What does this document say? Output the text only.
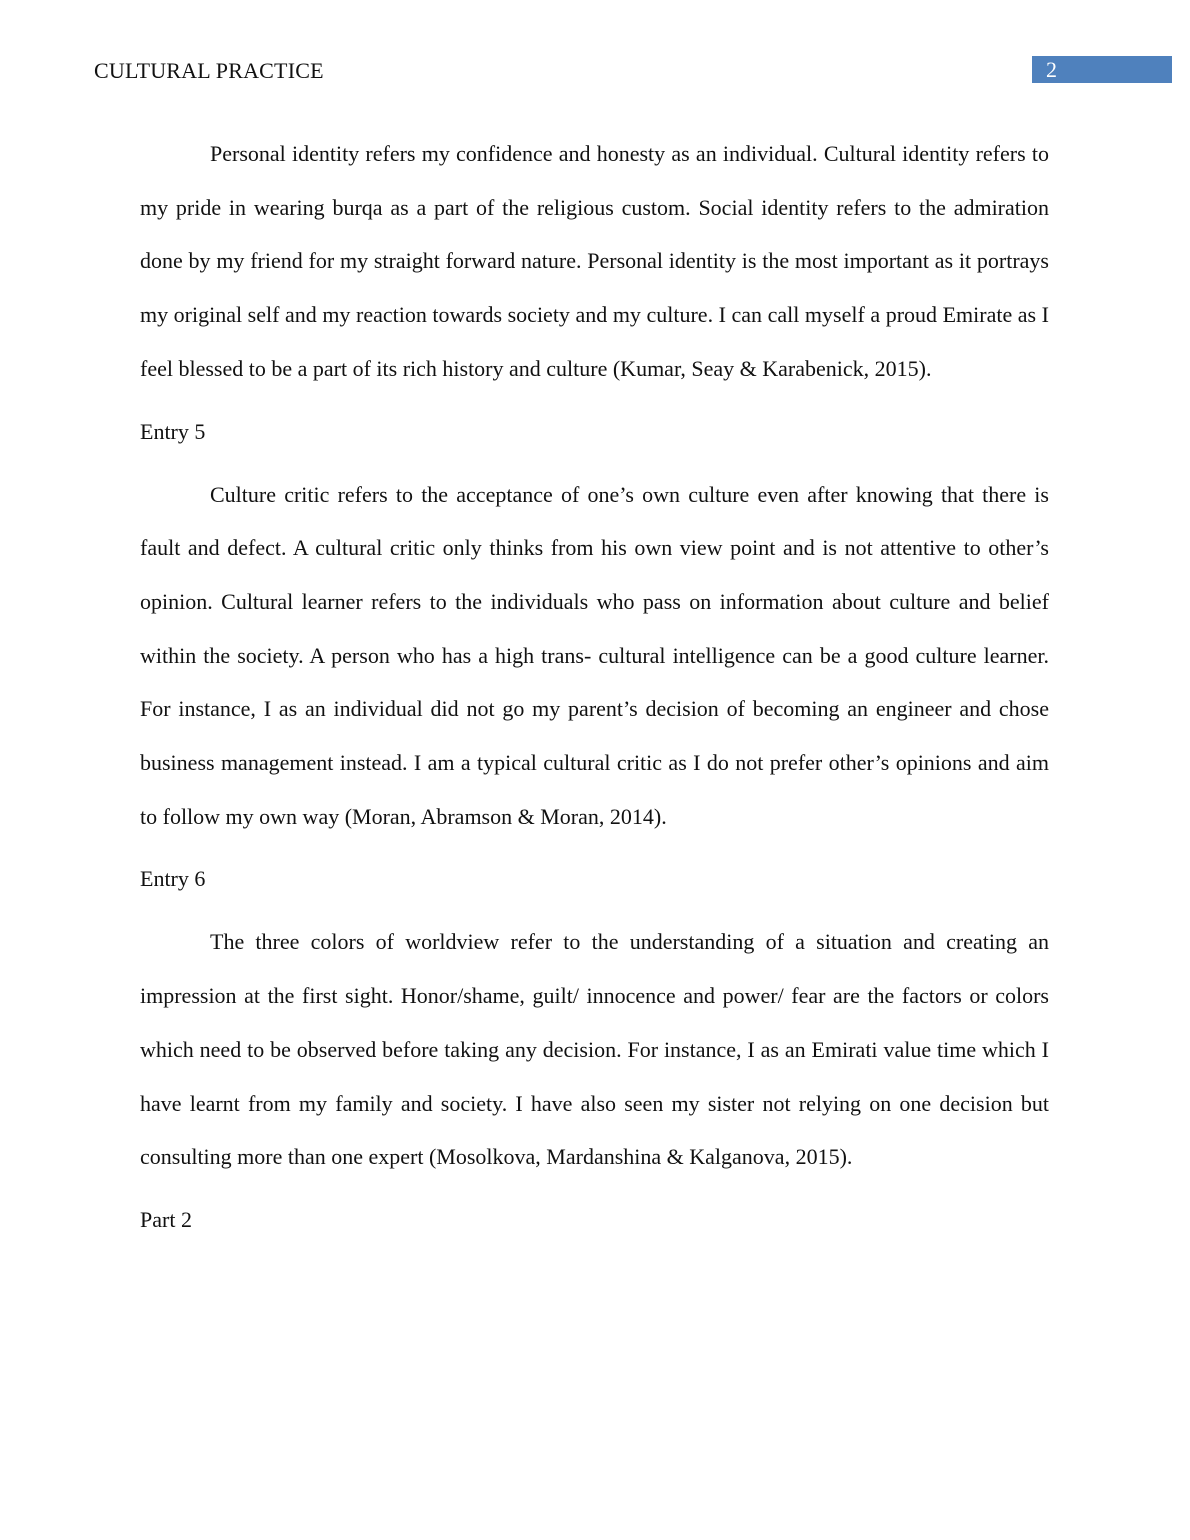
CULTURAL PRACTICE	2

Personal identity refers my confidence and honesty as an individual. Cultural identity refers to my pride in wearing burqa as a part of the religious custom. Social identity refers to the admiration done by my friend for my straight forward nature. Personal identity is the most important as it portrays my original self and my reaction towards society and my culture. I can call myself a proud Emirate as I feel blessed to be a part of its rich history and culture (Kumar, Seay & Karabenick, 2015).

Entry 5

Culture critic refers to the acceptance of one’s own culture even after knowing that there is fault and defect. A cultural critic only thinks from his own view point and is not attentive to other’s opinion. Cultural learner refers to the individuals who pass on information about culture and belief within the society. A person who has a high trans- cultural intelligence can be a good culture learner. For instance, I as an individual did not go my parent’s decision of becoming an engineer and chose business management instead. I am a typical cultural critic as I do not prefer other’s opinions and aim to follow my own way (Moran, Abramson & Moran, 2014).

Entry 6

The three colors of worldview refer to the understanding of a situation and creating an impression at the first sight. Honor/shame, guilt/ innocence and power/ fear are the factors or colors which need to be observed before taking any decision. For instance, I as an Emirati value time which I have learnt from my family and society. I have also seen my sister not relying on one decision but consulting more than one expert (Mosolkova, Mardanshina & Kalganova, 2015).

Part 2
